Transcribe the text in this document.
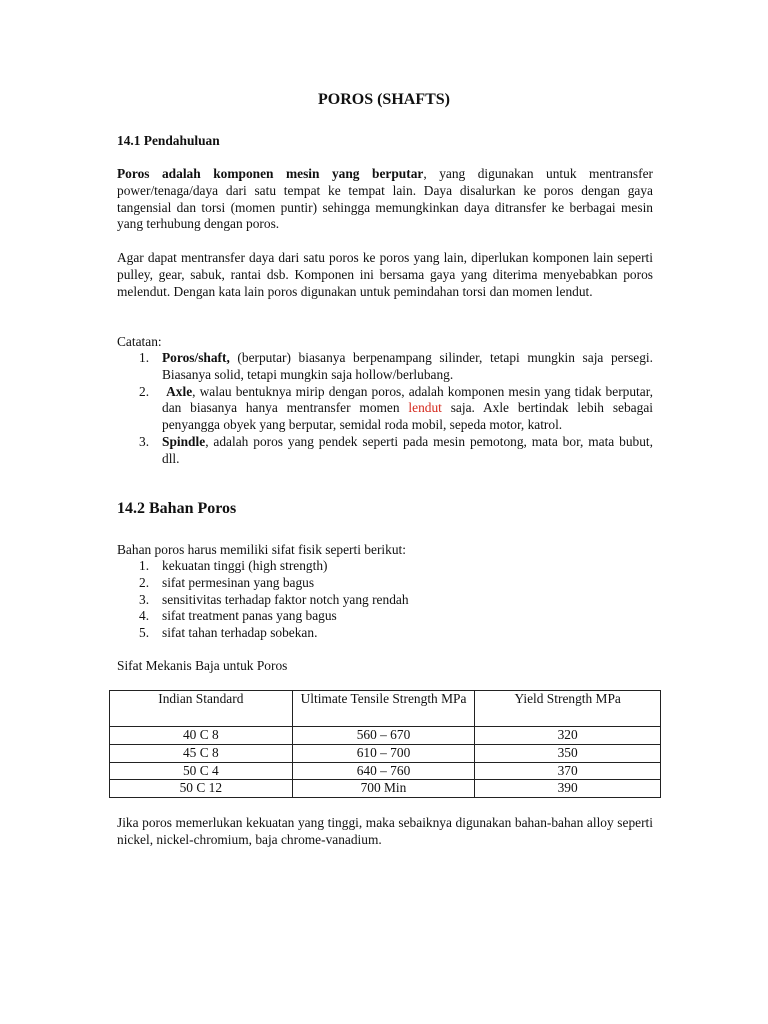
POROS (SHAFTS)
14.1 Pendahuluan

Poros adalah komponen mesin yang berputar, yang digunakan untuk mentransfer power/tenaga/daya dari satu tempat ke tempat lain. Daya disalurkan ke poros dengan gaya tangensial dan torsi (momen puntir) sehingga memungkinkan daya ditransfer ke berbagai mesin yang terhubung dengan poros.

Agar dapat mentransfer daya dari satu poros ke poros yang lain, diperlukan komponen lain seperti pulley, gear, sabuk, rantai dsb. Komponen ini bersama gaya yang diterima menyebabkan poros melendut. Dengan kata lain poros digunakan untuk pemindahan torsi dan momen lendut.

Catatan:
1. Poros/shaft, (berputar) biasanya berpenampang silinder, tetapi mungkin saja persegi. Biasanya solid, tetapi mungkin saja hollow/berlubang.
2. Axle, walau bentuknya mirip dengan poros, adalah komponen mesin yang tidak berputar, dan biasanya hanya mentransfer momen lendut saja. Axle bertindak lebih sebagai penyangga obyek yang berputar, semidal roda mobil, sepeda motor, katrol.
3. Spindle, adalah poros yang pendek seperti pada mesin pemotong, mata bor, mata bubut, dll.
14.2 Bahan Poros

Bahan poros harus memiliki sifat fisik seperti berikut:

1. kekuatan tinggi (high strength)
2. sifat permesinan yang bagus
3. sensitivitas terhadap faktor notch yang rendah
4. sifat treatment panas yang bagus
5. sifat tahan terhadap sobekan.
Sifat Mekanis Baja untuk Poros
Indian Standard	Ultimate Tensile Strength MPa	Yield Strength MPa
40 C 8	560 – 670	320
45 C 8	610 – 700	350
50 C 4	640 – 760	370
50 C 12	700 Min	390

Jika poros memerlukan kekuatan yang tinggi, maka sebaiknya digunakan bahan-bahan alloy seperti nickel, nickel-chromium, baja chrome-vanadium.
